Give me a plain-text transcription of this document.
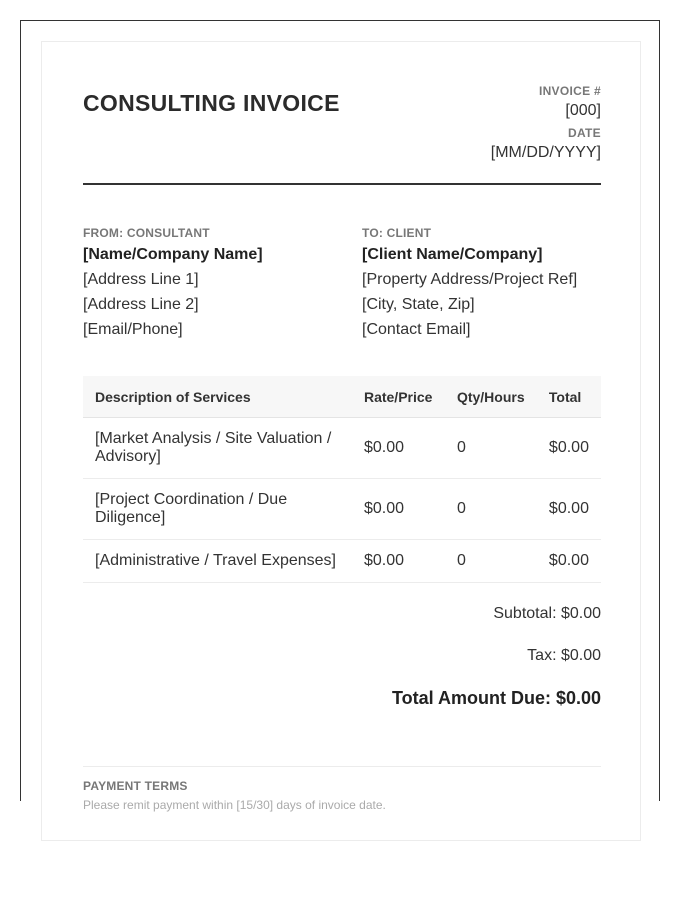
CONSULTING INVOICE	INVOICE #
[000]
DATE
[MM/DD/YYYY]
FROM: CONSULTANT
[Name/Company Name]
[Address Line 1]
[Address Line 2]
[Email/Phone]
TO: CLIENT
[Client Name/Company]
[Property Address/Project Ref]
[City, State, Zip]
[Contact Email]
Description of Services	Rate/Price	Qty/Hours	Total
[Market Analysis / Site Valuation / Advisory]	$0.00	0	$0.00
[Project Coordination / Due Diligence]	$0.00	0	$0.00
[Administrative / Travel Expenses]	$0.00	0	$0.00
Subtotal: $0.00
Tax: $0.00
Total Amount Due: $0.00
PAYMENT TERMS
Please remit payment within [15/30] days of invoice date.
